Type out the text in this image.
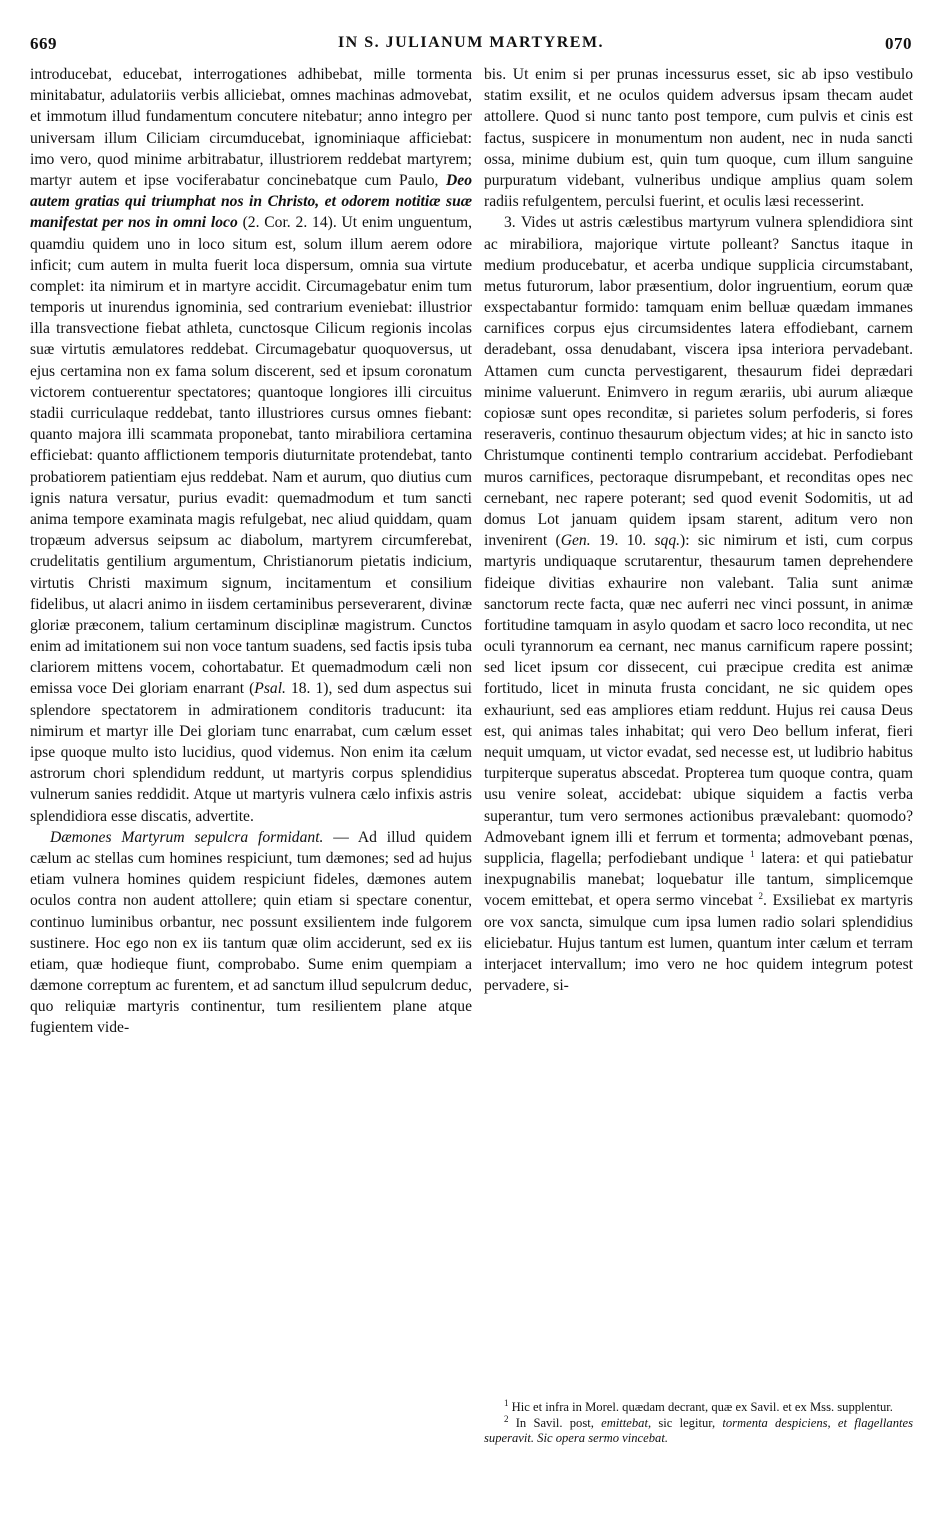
669	IN S. JULIANUM MARTYREM.	070

introducebat, educebat, interrogationes adhibebat, mille tormenta minitabatur, adulatoriis verbis alliciebat, omnes machinas admovebat, et immotum illud fundamentum concutere nitebatur; anno integro per universam illum Ciliciam circumducebat, ignominiaque afficiebat: imo vero, quod minime arbitrabatur, illustriorem reddebat martyrem; martyr autem et ipse vociferabatur concinebatque cum Paulo, Deo autem gratias qui triumphat nos in Christo, et odorem notitiæ suæ manifestat per nos in omni loco (2. Cor. 2. 14). Ut enim unguentum, quamdiu quidem uno in loco situm est, solum illum aerem odore inficit; cum autem in multa fuerit loca dispersum, omnia sua virtute complet: ita nimirum et in martyre accidit. Circumagebatur enim tum temporis ut inurendus ignominia, sed contrarium eveniebat: illustrior illa transvectione fiebat athleta, cunctosque Cilicum regionis incolas suæ virtutis æmulatores reddebat. Circumagebatur quoquoversus, ut ejus certamina non ex fama solum discerent, sed et ipsum coronatum victorem contuerentur spectatores; quantoque longiores illi circuitus stadii curriculaque reddebat, tanto illustriores cursus omnes fiebant: quanto majora illi scammata proponebat, tanto mirabiliora certamina efficiebat: quanto afflictionem temporis diuturnitate protendebat, tanto probatiorem patientiam ejus reddebat. Nam et aurum, quo diutius cum ignis natura versatur, purius evadit: quemadmodum et tum sancti anima tempore examinata magis refulgebat, nec aliud quiddam, quam tropæum adversus seipsum ac diabolum, martyrem circumferebat, crudelitatis gentilium argumentum, Christianorum pietatis indicium, virtutis Christi maximum signum, incitamentum et consilium fidelibus, ut alacri animo in iisdem certaminibus perseverarent, divinæ gloriæ præconem, talium certaminum disciplinæ magistrum. Cunctos enim ad imitationem sui non voce tantum suadens, sed factis ipsis tuba clariorem mittens vocem, cohortabatur. Et quemadmodum cæli non emissa voce Dei gloriam enarrant (Psal. 18. 1), sed dum aspectus sui splendore spectatorem in admirationem conditoris traducunt: ita nimirum et martyr ille Dei gloriam tunc enarrabat, cum cælum esset ipse quoque multo isto lucidius, quod videmus. Non enim ita cælum astrorum chori splendidum reddunt, ut martyris corpus splendidius vulnerum sanies reddidit. Atque ut martyris vulnera cælo infixis astris splendidiora esse discatis, advertite.

Dæmones Martyrum sepulcra formidant. — Ad illud quidem cælum ac stellas cum homines respiciunt, tum dæmones; sed ad hujus etiam vulnera homines quidem respiciunt fideles, dæmones autem oculos contra non audent attollere; quin etiam si spectare conentur, continuo luminibus orbantur, nec possunt exsilientem inde fulgorem sustinere. Hoc ego non ex iis tantum quæ olim acciderunt, sed ex iis etiam, quæ hodieque fiunt, comprobabo. Sume enim quempiam a dæmone correptum ac furentem, et ad sanctum illud sepulcrum deduc, quo reliquiæ martyris continentur, tum resilientem plane atque fugientem vide-

bis. Ut enim si per prunas incessurus esset, sic ab ipso vestibulo statim exsilit, et ne oculos quidem adversus ipsam thecam audet attollere. Quod si nunc tanto post tempore, cum pulvis et cinis est factus, suspicere in monumentum non audent, nec in nuda sancti ossa, minime dubium est, quin tum quoque, cum illum sanguine purpuratum videbant, vulneribus undique amplius quam solem radiis refulgentem, perculsi fuerint, et oculis læsi recesserint.

3. Vides ut astris cælestibus martyrum vulnera splendidiora sint ac mirabiliora, majorique virtute polleant? Sanctus itaque in medium producebatur, et acerba undique supplicia circumstabant, metus futurorum, labor præsentium, dolor ingruentium, eorum quæ exspectabantur formido: tamquam enim belluæ quædam immanes carnifices corpus ejus circumsidentes latera effodiebant, carnem deradebant, ossa denudabant, viscera ipsa interiora pervadebant. Attamen cum cuncta pervestigarent, thesaurum fidei deprædari minime valuerunt. Enimvero in regum ærariis, ubi aurum aliæque copiosæ sunt opes reconditæ, si parietes solum perfoderis, si fores reseraveris, continuo thesaurum objectum vides; at hic in sancto isto Christumque continenti templo contrarium accidebat. Perfodiebant muros carnifices, pectoraque disrumpebant, et reconditas opes nec cernebant, nec rapere poterant; sed quod evenit Sodomitis, ut ad domus Lot januam quidem ipsam starent, aditum vero non invenirent (Gen. 19. 10. sqq.): sic nimirum et isti, cum corpus martyris undiquaque scrutarentur, thesaurum tamen deprehendere fideique divitias exhaurire non valebant. Talia sunt animæ sanctorum recte facta, quæ nec auferri nec vinci possunt, in animæ fortitudine tamquam in asylo quodam et sacro loco recondita, ut nec oculi tyrannorum ea cernant, nec manus carnificum rapere possint; sed licet ipsum cor dissecent, cui præcipue credita est animæ fortitudo, licet in minuta frusta concidant, ne sic quidem opes exhauriunt, sed eas ampliores etiam reddunt. Hujus rei causa Deus est, qui animas tales inhabitat; qui vero Deo bellum inferat, fieri nequit umquam, ut victor evadat, sed necesse est, ut ludibrio habitus turpiterque superatus abscedat. Propterea tum quoque contra, quam usu venire soleat, accidebat: ubique siquidem a factis verba superantur, tum vero sermones actionibus prævalebant: quomodo? Admovebant ignem illi et ferrum et tormenta; admovebant pœnas, supplicia, flagella; perfodiebant undique $^1$ latera: et qui patiebatur inexpugnabilis manebat; loquebatur ille tantum, simplicemque vocem emittebat, et opera sermo vincebat $^2$. Exsiliebat ex martyris ore vox sancta, simulque cum ipsa lumen radio solari splendidius eliciebatur. Hujus tantum est lumen, quantum inter cælum et terram interjacet intervallum; imo vero ne hoc quidem integrum potest pervadere, si-

$^1$ Hic et infra in Morel. quædam decrant, quæ ex Savil. et ex Mss. supplentur.

$^2$ In Savil. post, emittebat, sic legitur, tormenta despiciens, et flagellantes superavit. Sic opera sermo vincebat.
